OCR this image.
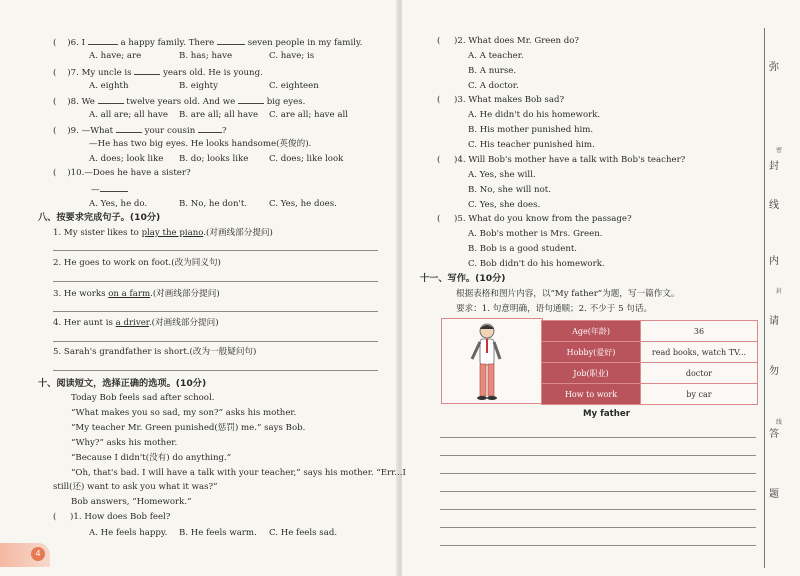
( )6. I	a happy family. There	seven people in my family.
A. have; are	B. has; have	C. have; is
( )7. My uncle is	years old. He is young.
A. eighth	B. eighty	C. eighteen
( )8. We	twelve years old. And we	big eyes.
A. all are; all have B. are all; all have C. are all; have all
( )9. —What	your cousin	?
—He has two big eyes. He looks handsome(英俊的).
A. does; look like B. do; looks like C. does; like look
( )10.—Does he have a sister?
—
A. Yes, he do.	B. No, he don't.	C. Yes, he does.
八、按要求完成句子。(10分)
1. My sister likes to play the piano.(对画线部分提问)
2. He goes to work on foot.(改为同义句)
3. He works on a farm.(对画线部分提问)
4. Her aunt is a driver.(对画线部分提问)
5. Sarah's grandfather is short.(改为一般疑问句)
十、阅读短文，选择正确的选项。(10分)
Today Bob feels sad after school.
“What makes you so sad, my son?” asks his mother.
“My teacher Mr. Green punished(惩罚) me.” says Bob.
“Why?” asks his mother.
“Because I didn't(没有) do anything.”
“Oh, that's bad. I will have a talk with your teacher,” says his mother. “Err...I
still(还) want to ask you what it was?”
Bob answers, “Homework.”
( )1. How does Bob feel?
A. He feels happy. B. He feels warm. C. He feels sad.
4
( )2. What does Mr. Green do?
A. A teacher.
B. A nurse.
C. A doctor.
( )3. What makes Bob sad?
A. He didn't do his homework.
B. His mother punished him.
C. His teacher punished him.
( )4. Will Bob's mother have a talk with Bob's teacher?
A. Yes, she will.
B. No, she will not.
C. Yes, she does.
( )5. What do you know from the passage?
A. Bob's mother is Mrs. Green.
B. Bob is a good student.
C. Bob didn't do his homework.
十一、写作。(10分)
根据表格和图片内容，以“My father”为题，写一篇作文。
要求：1. 句意明确，语句通顺；2. 不少于 5 句话。
Age(年龄)	36
Hobby(爱好)	read books, watch TV...
Job(职业)	doctor
How to work	by car
My father
弥
密
封
线
内
封
请
勿
线
答
题
